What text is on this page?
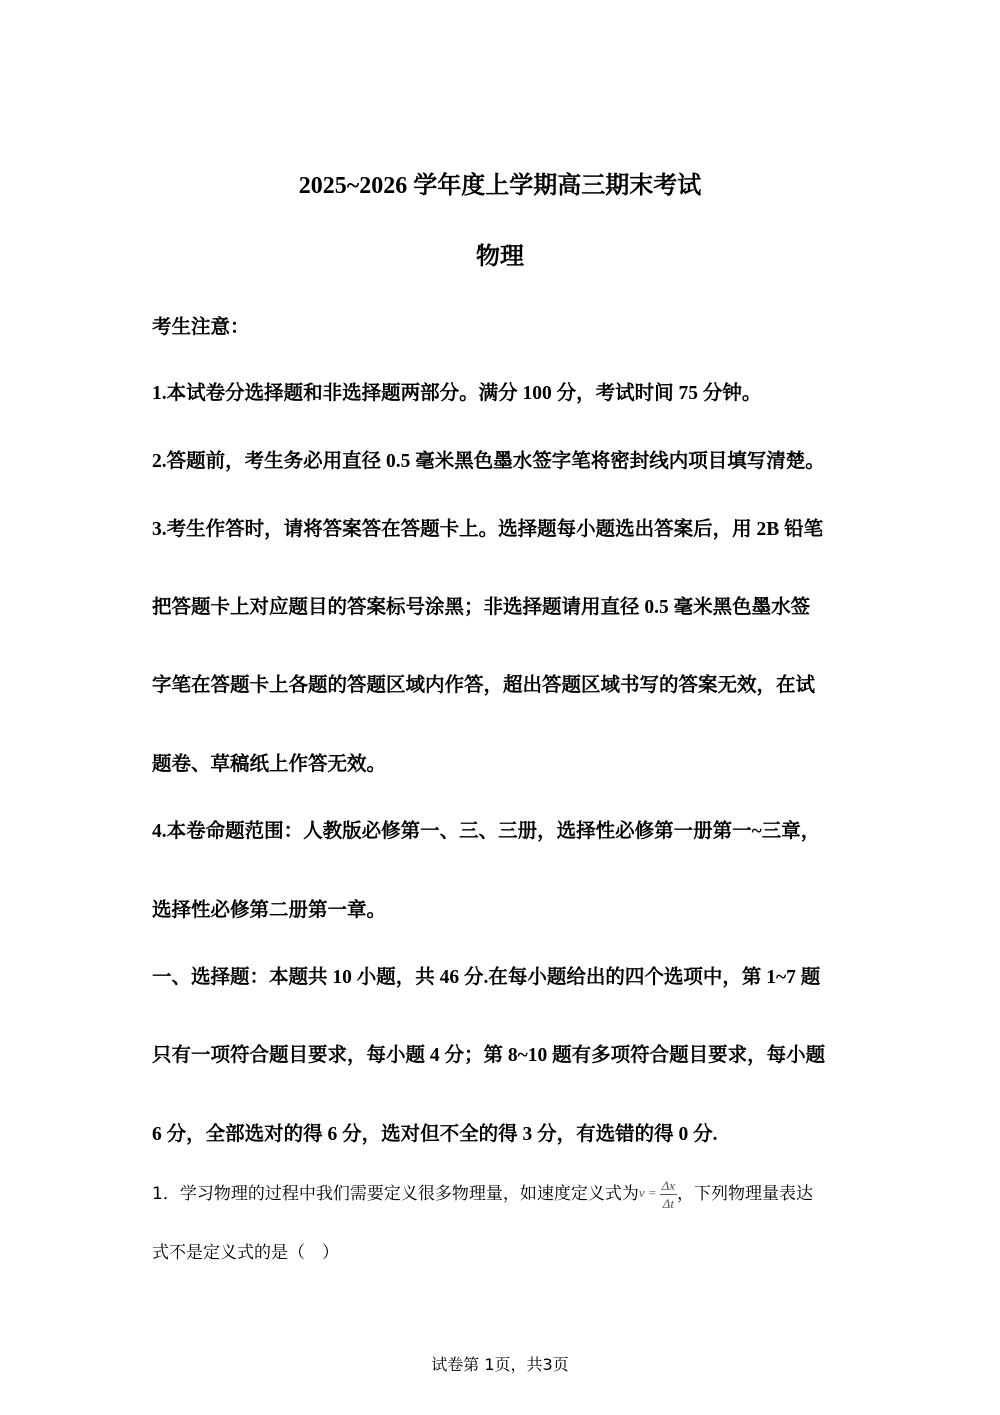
2025~2026 学年度上学期高三期末考试
物理
考生注意：
1.本试卷分选择题和非选择题两部分。满分 100 分，考试时间 75 分钟。
2.答题前，考生务必用直径 0.5 毫米黑色墨水签字笔将密封线内项目填写清楚。
3.考生作答时，请将答案答在答题卡上。选择题每小题选出答案后，用 2B 铅笔
把答题卡上对应题目的答案标号涂黑；非选择题请用直径 0.5 毫米黑色墨水签
字笔在答题卡上各题的答题区域内作答，超出答题区域书写的答案无效，在试
题卷、草稿纸上作答无效。
4.本卷命题范围：人教版必修第一、三、三册，选择性必修第一册第一~三章，
选择性必修第二册第一章。
一、选择题：本题共 10 小题，共 46 分.在每小题给出的四个选项中，第 1~7 题
只有一项符合题目要求，每小题 4 分；第 8~10 题有多项符合题目要求，每小题
6 分，全部选对的得 6 分，选对但不全的得 3 分，有选错的得 0 分.
1．学习物理的过程中我们需要定义很多物理量，如速度定义式为$v = \frac{\Delta x}{\Delta t}$ ，下列物理量表达
式不是定义式的是（　）
试卷第 1页，共3页
